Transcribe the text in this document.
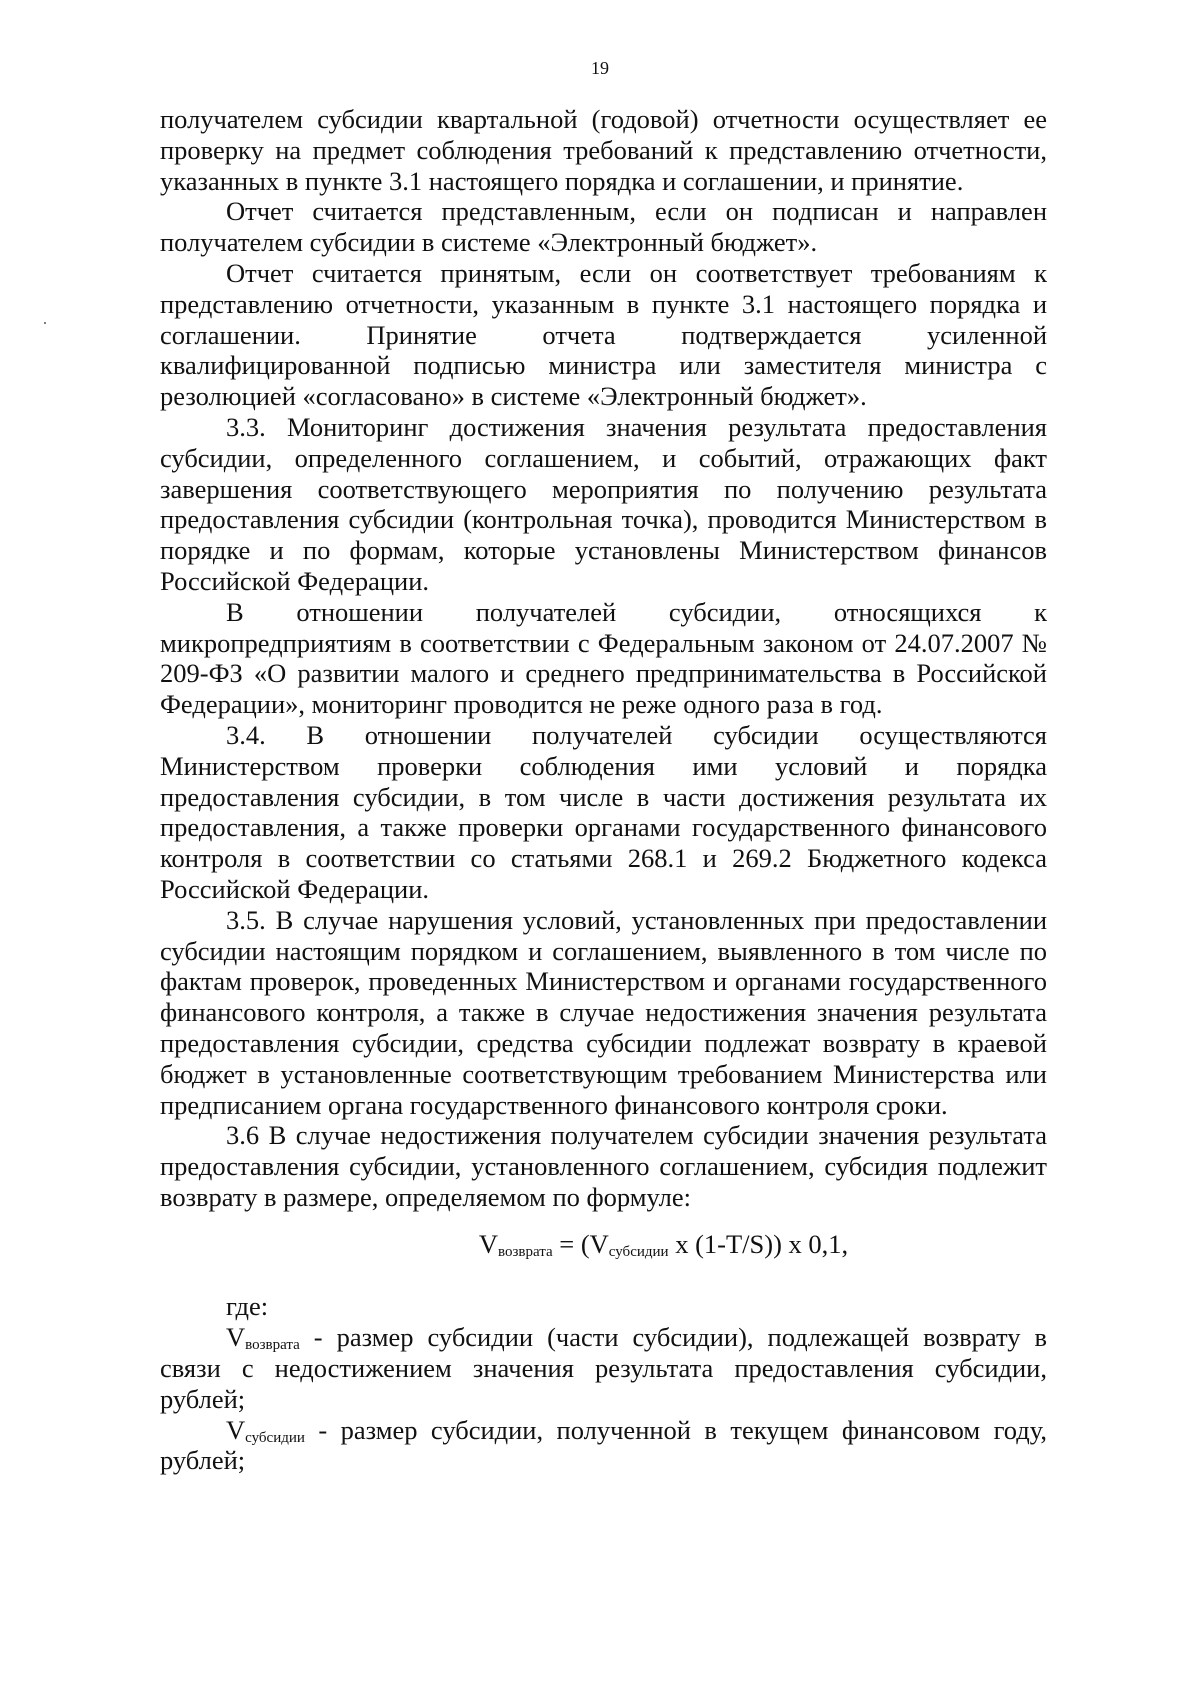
19

получателем субсидии квартальной (годовой) отчетности осуществляет ее проверку на предмет соблюдения требований к представлению отчетности, указанных в пункте 3.1 настоящего порядка и соглашении, и принятие.

Отчет считается представленным, если он подписан и направлен получателем субсидии в системе «Электронный бюджет».

Отчет считается принятым, если он соответствует требованиям к представлению отчетности, указанным в пункте 3.1 настоящего порядка и соглашении. Принятие отчета подтверждается усиленной квалифицированной подписью министра или заместителя министра с резолюцией «согласовано» в системе «Электронный бюджет».

3.3. Мониторинг достижения значения результата предоставления субсидии, определенного соглашением, и событий, отражающих факт завершения соответствующего мероприятия по получению результата предоставления субсидии (контрольная точка), проводится Министерством в порядке и по формам, которые установлены Министерством финансов Российской Федерации.

В отношении получателей субсидии, относящихся к микропредприятиям в соответствии с Федеральным законом от 24.07.2007 № 209-ФЗ «О развитии малого и среднего предпринимательства в Российской Федерации», мониторинг проводится не реже одного раза в год.

3.4. В отношении получателей субсидии осуществляются Министерством проверки соблюдения ими условий и порядка предоставления субсидии, в том числе в части достижения результата их предоставления, а также проверки органами государственного финансового контроля в соответствии со статьями 268.1 и 269.2 Бюджетного кодекса Российской Федерации.

3.5. В случае нарушения условий, установленных при предоставлении субсидии настоящим порядком и соглашением, выявленного в том числе по фактам проверок, проведенных Министерством и органами государственного финансового контроля, а также в случае недостижения значения результата предоставления субсидии, средства субсидии подлежат возврату в краевой бюджет в установленные соответствующим требованием Министерства или предписанием органа государственного финансового контроля сроки.

3.6 В случае недостижения получателем субсидии значения результата предоставления субсидии, установленного соглашением, субсидия подлежит возврату в размере, определяемом по формуле:

$V_{возврата} = (V_{субсидии}$ x (1-T/S)) x 0,1,

где:

$V_{возврата}$ - размер субсидии (части субсидии), подлежащей возврату в связи с недостижением значения результата предоставления субсидии, рублей;

$V_{субсидии}$ - размер субсидии, полученной в текущем финансовом году, рублей;
